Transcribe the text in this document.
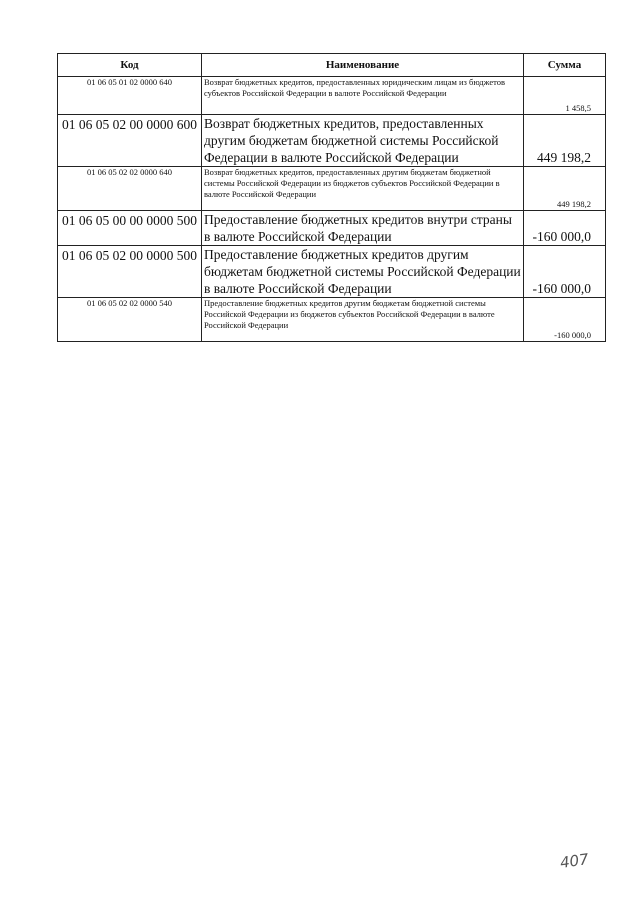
Код	Наименование	Сумма
01 06 05 01 02 0000 640	Возврат бюджетных кредитов, предоставленных юридическим лицам из бюджетов субъектов Российской Федерации в валюте Российской Федерации	1 458,5
01 06 05 02 00 0000 600	Возврат бюджетных кредитов, предоставленных другим бюджетам бюджетной системы Российской Федерации в валюте Российской Федерации	449 198,2
01 06 05 02 02 0000 640	Возврат бюджетных кредитов, предоставленных другим бюджетам бюджетной системы Российской Федерации из бюджетов субъектов Российской Федерации в валюте Российской Федерации	449 198,2
01 06 05 00 00 0000 500	Предоставление бюджетных кредитов внутри страны в валюте Российской Федерации	-160 000,0
01 06 05 02 00 0000 500	Предоставление бюджетных кредитов другим бюджетам бюджетной системы Российской Федерации в валюте Российской Федерации	-160 000,0
01 06 05 02 02 0000 540	Предоставление бюджетных кредитов другим бюджетам бюджетной системы Российской Федерации из бюджетов субъектов Российской Федерации в валюте Российской Федерации	-160 000,0
407
